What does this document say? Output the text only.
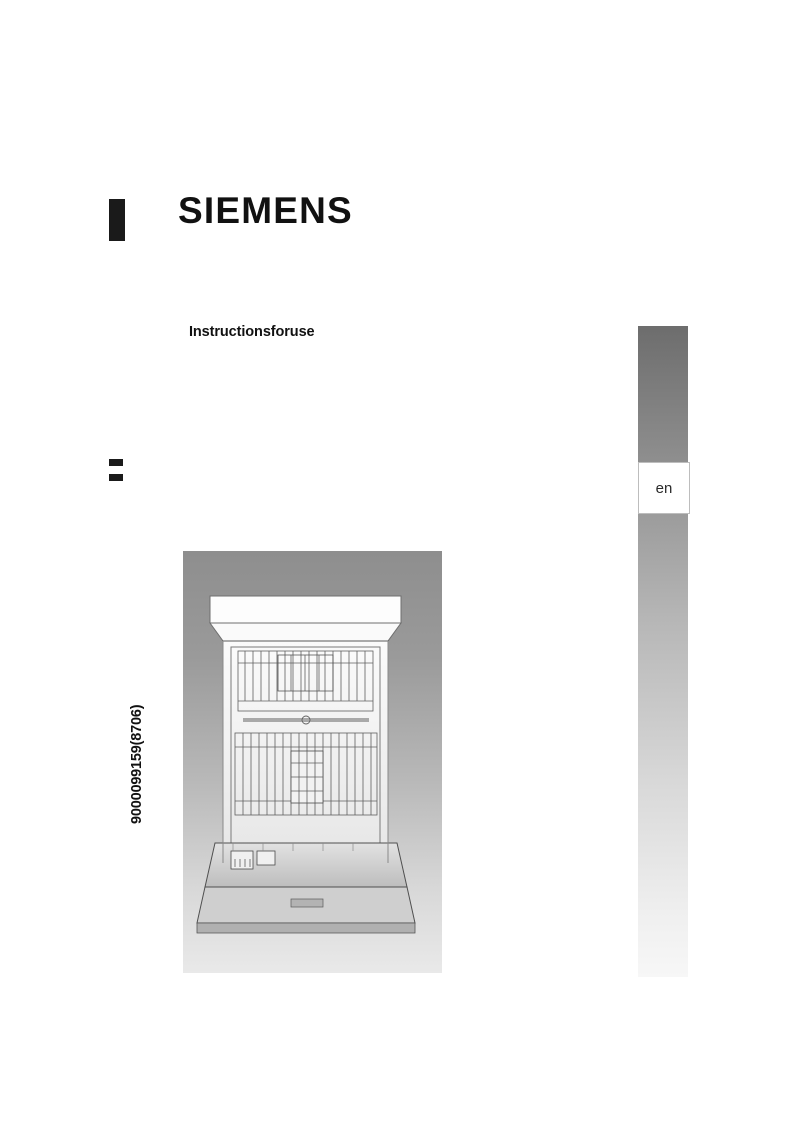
SIEMENS
Instructionsforuse
en
9000099159(8706)
